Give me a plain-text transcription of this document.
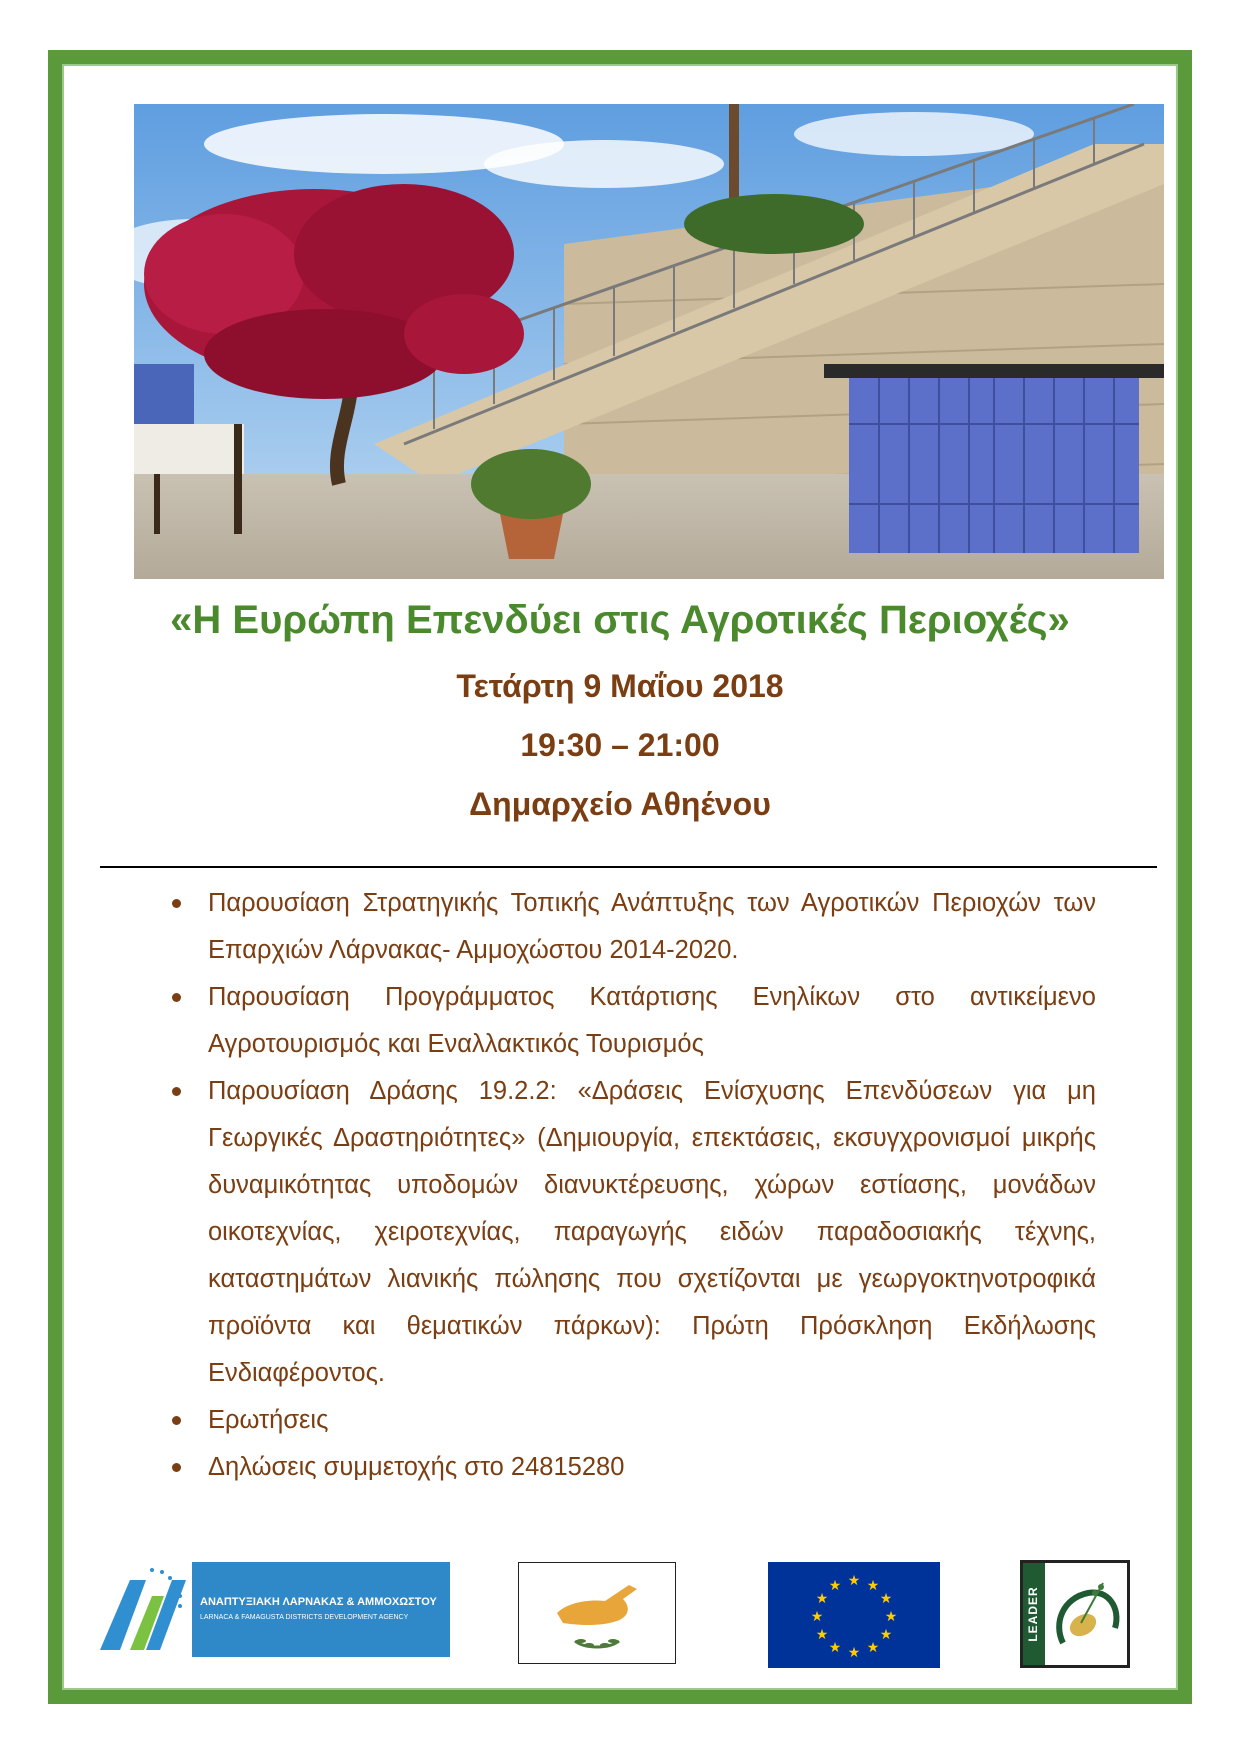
«Η Ευρώπη Επενδύει στις Αγροτικές Περιοχές»
Τετάρτη 9 Μαΐου 2018
19:30 – 21:00
Δημαρχείο Αθηένου
Παρουσίαση Στρατηγικής Τοπικής Ανάπτυξης των Αγροτικών Περιοχών των Επαρχιών Λάρνακας- Αμμοχώστου 2014-2020.
Παρουσίαση Προγράμματος Κατάρτισης Ενηλίκων στο αντικείμενο Αγροτουρισμός και Εναλλακτικός Τουρισμός
Παρουσίαση Δράσης 19.2.2: «Δράσεις Ενίσχυσης Επενδύσεων για μη Γεωργικές Δραστηριότητες» (Δημιουργία, επεκτάσεις, εκσυγχρονισμοί μικρής δυναμικότητας υποδομών διανυκτέρευσης, χώρων εστίασης, μονάδων οικοτεχνίας, χειροτεχνίας, παραγωγής ειδών παραδοσιακής τέχνης, καταστημάτων λιανικής πώλησης που σχετίζονται με γεωργοκτηνοτροφικά προϊόντα και θεματικών πάρκων): Πρώτη Πρόσκληση Εκδήλωσης Ενδιαφέροντος.
Ερωτήσεις
Δηλώσεις συμμετοχής στο 24815280
ΑΝΑΠΤΥΞΙΑΚΗ ΛΑΡΝΑΚΑΣ & ΑΜΜΟΧΩΣΤΟΥ
LARNACA & FAMAGUSTA DISTRICTS DEVELOPMENT AGENCY
★ ★
★
★
★
★
★
★
★
★
★
★
LEADER
